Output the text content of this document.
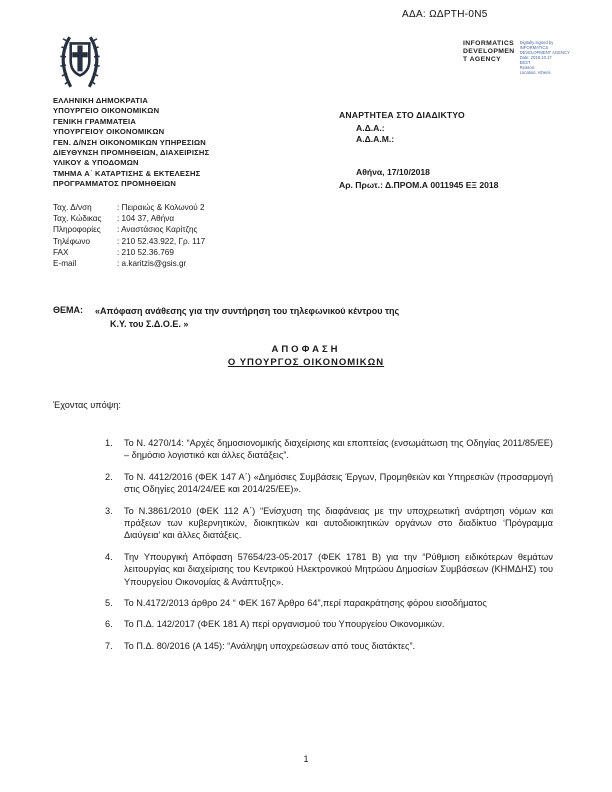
ΑΔΑ: ΩΔΡΤΗ-0Ν5
INFORMATICS
DEVELOPMEN
T AGENCY
Digitally signed by
INFORMATICS
DEVELOPMENT AGENCY
Date: 2018.10.17
EEST
Reason:
Location: Athens
ΕΛΛΗΝΙΚΗ ΔΗΜΟΚΡΑΤΙΑ
ΥΠΟΥΡΓΕΙΟ ΟΙΚΟΝΟΜΙΚΩΝ
ΓΕΝΙΚΗ ΓΡΑΜΜΑΤΕΙΑ
ΥΠΟΥΡΓΕΙΟΥ ΟΙΚΟΝΟΜΙΚΩΝ
ΓΕΝ. Δ/ΝΣΗ ΟΙΚΟΝΟΜΙΚΩΝ ΥΠΗΡΕΣΙΩΝ
ΔΙΕΥΘΥΝΣΗ ΠΡΟΜΗΘΕΙΩΝ, ΔΙΑΧΕΙΡΙΣΗΣ
ΥΛΙΚΟΥ & ΥΠΟΔΟΜΩΝ
ΤΜΗΜΑ Α΄ ΚΑΤΑΡΤΙΣΗΣ & ΕΚΤΕΛΕΣΗΣ
ΠΡΟΓΡΑΜΜΑΤΟΣ ΠΡΟΜΗΘΕΙΩΝ
Ταχ. Δ/νση	: Πειραιώς & Κολωνού 2
Ταχ. Κώδικας	: 104 37, Αθήνα
Πληροφορίες	: Αναστάσιος Καρίτζης
Τηλέφωνο	: 210 52.43.922, Γρ. 117
FAX	: 210 52.36.769
E-mail	: a.karitzis@gsis.gr
ΑΝΑΡΤΗΤΕΑ ΣΤΟ ΔΙΑΔΙΚΤΥΟ
Α.Δ.Α.:
Α.Δ.Α.Μ.:
Αθήνα, 17/10/2018
Αρ. Πρωτ.: Δ.ΠΡΟΜ.Α 0011945 ΕΞ 2018
ΘΕΜΑ:	«Απόφαση ανάθεσης για την συντήρηση του τηλεφωνικού κέντρου της
Κ.Υ. του Σ.Δ.Ο.Ε. »
ΑΠΟΦΑΣΗ
Ο ΥΠΟΥΡΓΟΣ ΟΙΚΟΝΟΜΙΚΩΝ
Έχοντας υπόψη:
1.	Το Ν. 4270/14: “Αρχές δημοσιονομικής διαχείρισης και εποπτείας (ενσωμάτωση της Οδηγίας 2011/85/ΕΕ) – δημόσιο λογιστικό και άλλες διατάξεις”.
2.	Το Ν. 4412/2016 (ΦΕΚ 147 Α΄) «Δημόσιες Συμβάσεις Έργων, Προμηθειών και Υπηρεσιών (προσαρμογή στις Οδηγίες 2014/24/ΕΕ και 2014/25/ΕΕ)».
3.	Το Ν.3861/2010 (ΦΕΚ 112 Α΄) “Ενίσχυση της διαφάνειας με την υποχρεωτική ανάρτηση νόμων και πράξεων των κυβερνητικών, διοικητικών και αυτοδιοικητικών οργάνων στο διαδίκτυο ‘Πρόγραμμα Διαύγεια’ και άλλες διατάξεις.
4.	Την Υπουργική Απόφαση 57654/23-05-2017 (ΦΕΚ 1781 Β) για την “Ρύθμιση ειδικότερων θεμάτων λειτουργίας και διαχείρισης του Κεντρικού Ηλεκτρονικού Μητρώου Δημοσίων Συμβάσεων (ΚΗΜΔΗΣ) του Υπουργείου Οικονομίας & Ανάπτυξης».
5.	Το Ν.4172/2013 άρθρο 24 “ ΦΕΚ 167 Άρθρο 64”,περί παρακράτησης φόρου εισοδήματος
6.	Το Π.Δ. 142/2017 (ΦΕΚ 181 Α) περί οργανισμού του Υπουργείου Οικονομικών.
7.	Το Π.Δ. 80/2016 (Α 145): “Ανάληψη υποχρεώσεων από τους διατάκτες”.
1
